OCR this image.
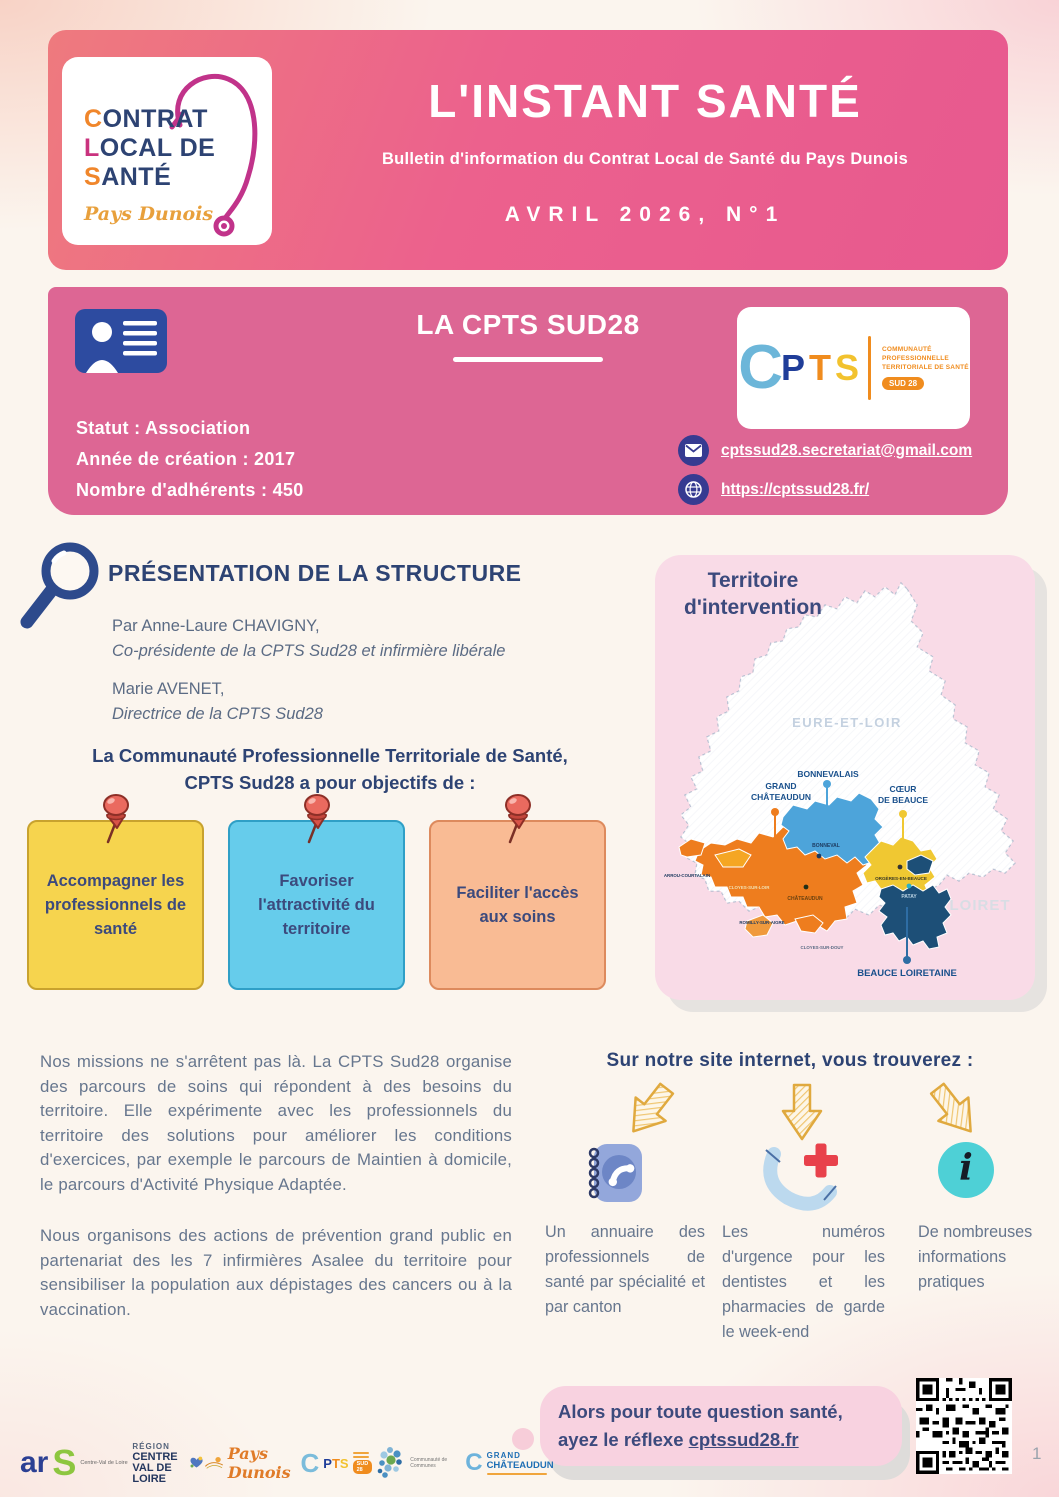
CONTRAT
LOCAL DE
SANTÉ
Pays Dunois
L'INSTANT SANTÉ
Bulletin d'information du Contrat Local de Santé du Pays Dunois
AVRIL 2026, N°1
LA CPTS SUD28
C
P T S	COMMUNAUTÉ
PROFESSIONNELLE
TERRITORIALE DE SANTÉ
SUD 28
Statut : Association
Année de création : 2017
Nombre d'adhérents : 450
cptssud28.secretariat@gmail.com
https://cptssud28.fr/
PRÉSENTATION DE LA STRUCTURE
Par Anne-Laure CHAVIGNY,
Co-présidente de la CPTS Sud28 et infirmière libérale
Marie AVENET,
Directrice de la CPTS Sud28
La Communauté Professionnelle Territoriale de Santé,
CPTS Sud28 a pour objectifs de :
Accompagner les professionnels de santé
Favoriser l'attractivité du territoire
Faciliter l'accès aux soins

Nos missions ne s'arrêtent pas là. La CPTS Sud28 organise des parcours de soins qui répondent à des besoins du territoire. Elle expérimente avec les professionnels du territoire des solutions pour améliorer les conditions d'exercices, par exemple le parcours de Maintien à domicile, le parcours d'Activité Physique Adaptée.

Nous organisons des actions de prévention grand public en partenariat des les 7 infirmières Asalee du territoire pour sensibiliser la population aux dépistages des cancers ou à la vaccination.

Territoire
d'intervention
EURE-ET-LOIR
LOIRET
BONNEVALAIS
GRAND
CHÂTEAUDUN
CŒUR
DE BEAUCE
BEAUCE LOIRETAINE
BONNEVAL
CHÂTEAUDUN
ORGÈRES-EN-BEAUCE
PATAY
ARROU-COURTALAIN
CLOYES-SUR-LOIR
ROMILLY-SUR-AIGRE
CLOYES-SUR-DOUY
Sur notre site internet, vous trouverez :
i
Un annuaire des professionnels de santé par spécialité et par canton
Les numéros d'urgence pour les dentistes et les pharmacies de garde le week-end
De nombreuses informations pratiques
Alors pour toute question santé,
ayez le réflexe cptssud28.fr
1
ar S Centre-Val de Loire
RÉGION
CENTRE
VAL DE LOIRE
Pays Dunois C PTS	SUD 28
Communauté de Communes	C GRAND
CHÂTEAUDUN
